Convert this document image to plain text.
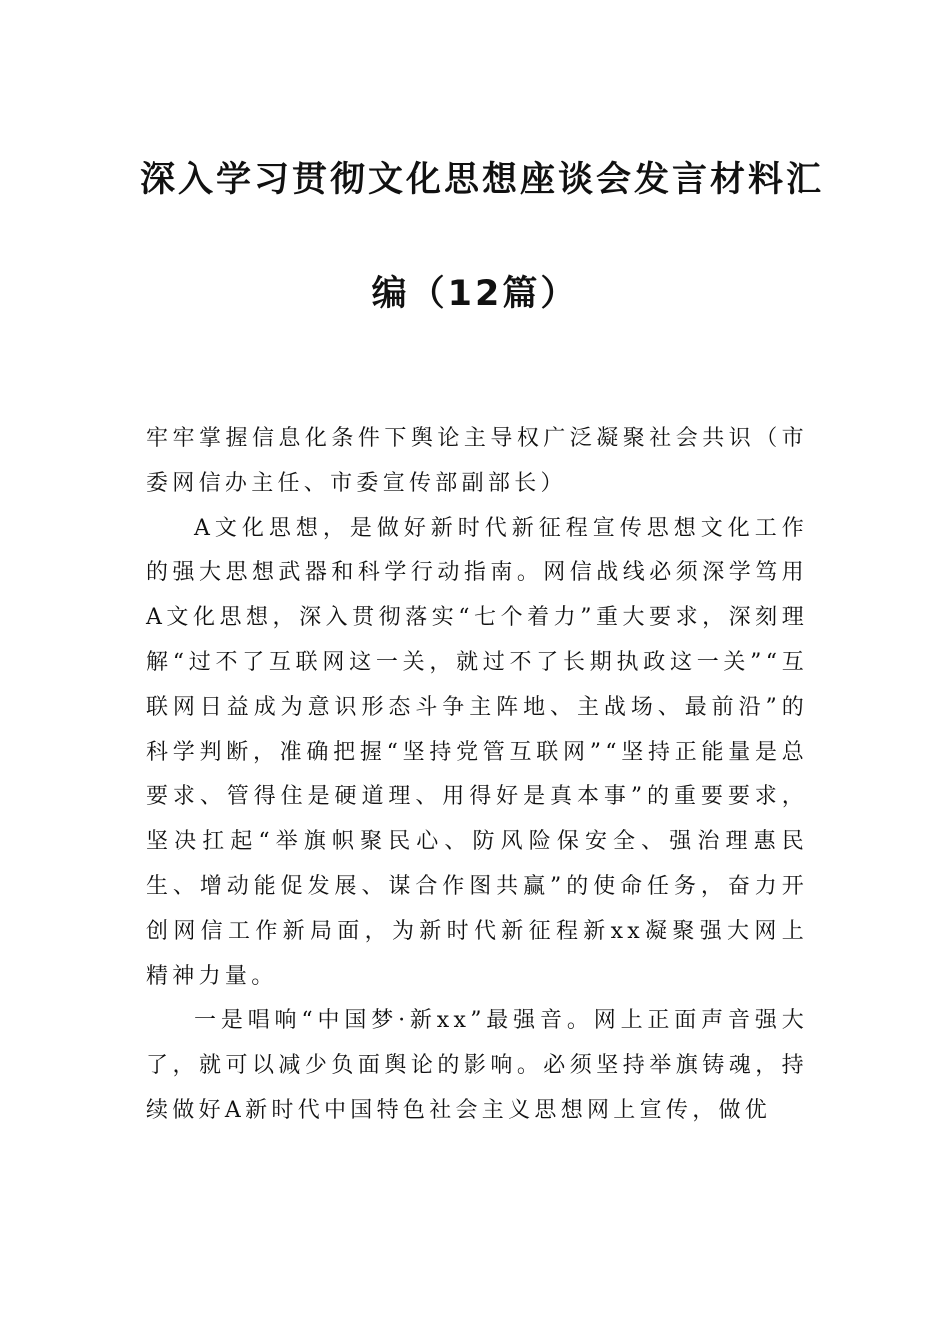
深入学习贯彻文化思想座谈会发言材料汇
编（12篇）

牢牢掌握信息化条件下舆论主导权广泛凝聚社会共识（市委网信办主任、市委宣传部副部长）

A文化思想，是做好新时代新征程宣传思想文化工作的强大思想武器和科学行动指南。网信战线必须深学笃用A文化思想，深入贯彻落实“七个着力”重大要求，深刻理解“过不了互联网这一关，就过不了长期执政这一关”“互联网日益成为意识形态斗争主阵地、主战场、最前沿”的科学判断，准确把握“坚持党管互联网”“坚持正能量是总要求、管得住是硬道理、用得好是真本事”的重要要求，坚决扛起“举旗帜聚民心、防风险保安全、强治理惠民生、增动能促发展、谋合作图共赢”的使命任务，奋力开创网信工作新局面，为新时代新征程新xx凝聚强大网上精神力量。

一是唱响“中国梦·新xx”最强音。网上正面声音强大了，就可以减少负面舆论的影响。必须坚持举旗铸魂，持续做好A新时代中国特色社会主义思想网上宣传，做优
